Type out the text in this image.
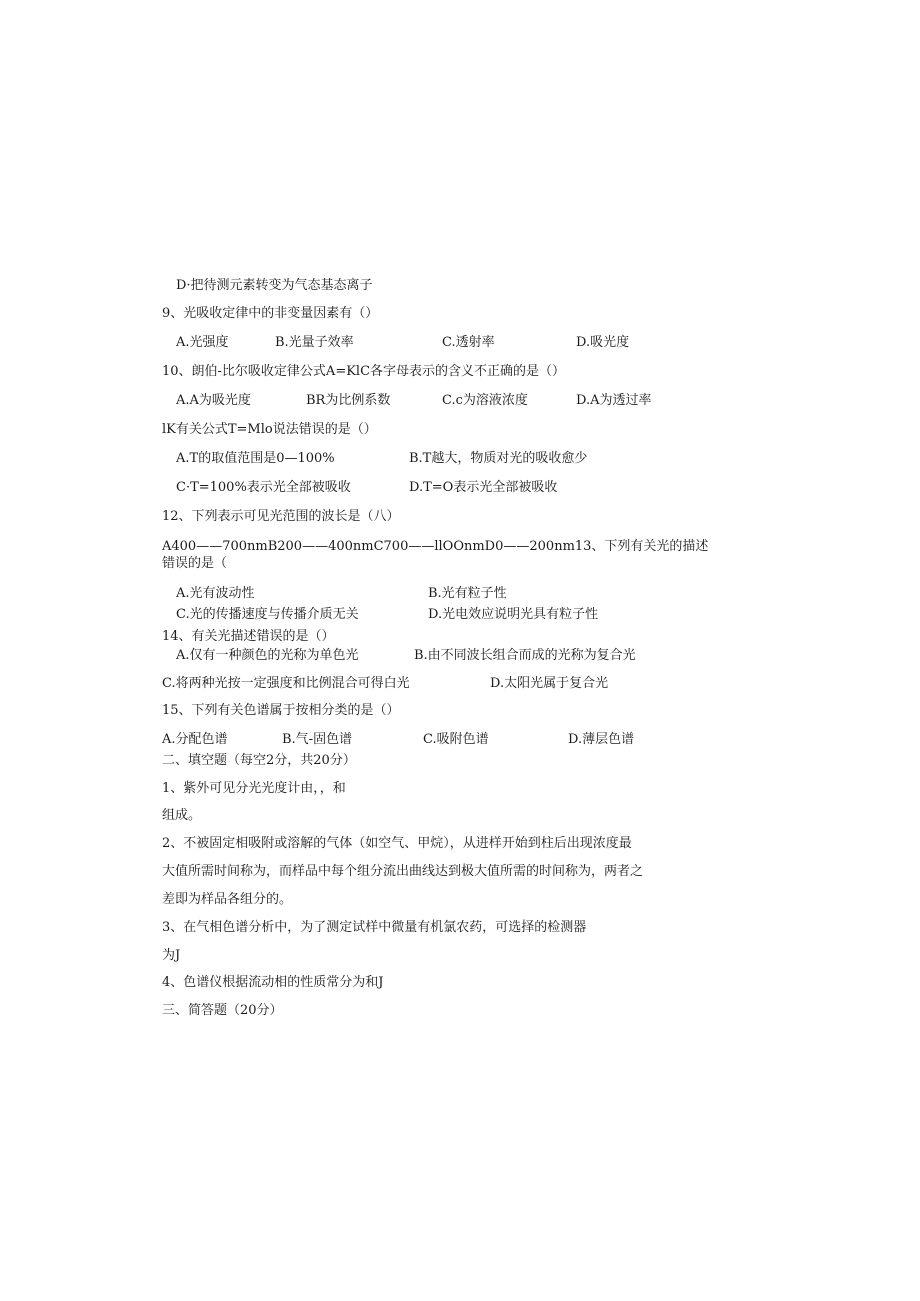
D·把待测元素转变为气态基态离子
9、光吸收定律中的非变量因素有（）
A.光强度	B.光量子效率	C.透射率	D.吸光度
10、朗伯-比尔吸收定律公式A=KlC各字母表示的含义不正确的是（）
A.A为吸光度	BR为比例系数	C.c为溶液浓度	D.A为透过率
lK有关公式T=Mlo说法错误的是（）
A.T的取值范围是0—100%	B.T越大，物质对光的吸收愈少
C·T=100%表示光全部被吸收	D.T=O表示光全部被吸收
12、下列表示可见光范围的波长是（八）
A400——700nmB200——400nmC700——llOOnmD0——200nm13、下列有关光的描述
错误的是（
A.光有波动性	B.光有粒子性
C.光的传播速度与传播介质无关	D.光电效应说明光具有粒子性
14、有关光描述错误的是（）
A.仅有一种颜色的光称为单色光	B.由不同波长组合而成的光称为复合光
C.将两种光按一定强度和比例混合可得白光	D.太阳光属于复合光
15、下列有关色谱属于按相分类的是（）
A.分配色谱	B.气-固色谱	C.吸附色谱	D.薄层色谱
二、填空题（每空2分，共20分）
1、紫外可见分光光度计由，，和
组成。
2、不被固定相吸附或溶解的气体（如空气、甲烷），从进样开始到柱后出现浓度最
大值所需时间称为，而样品中每个组分流出曲线达到极大值所需的时间称为，两者之
差即为样品各组分的。
3、在气相色谱分析中，为了测定试样中微量有机氯农药，可选择的检测器
为J
4、色谱仪根据流动相的性质常分为和J
三、简答题（20分）
